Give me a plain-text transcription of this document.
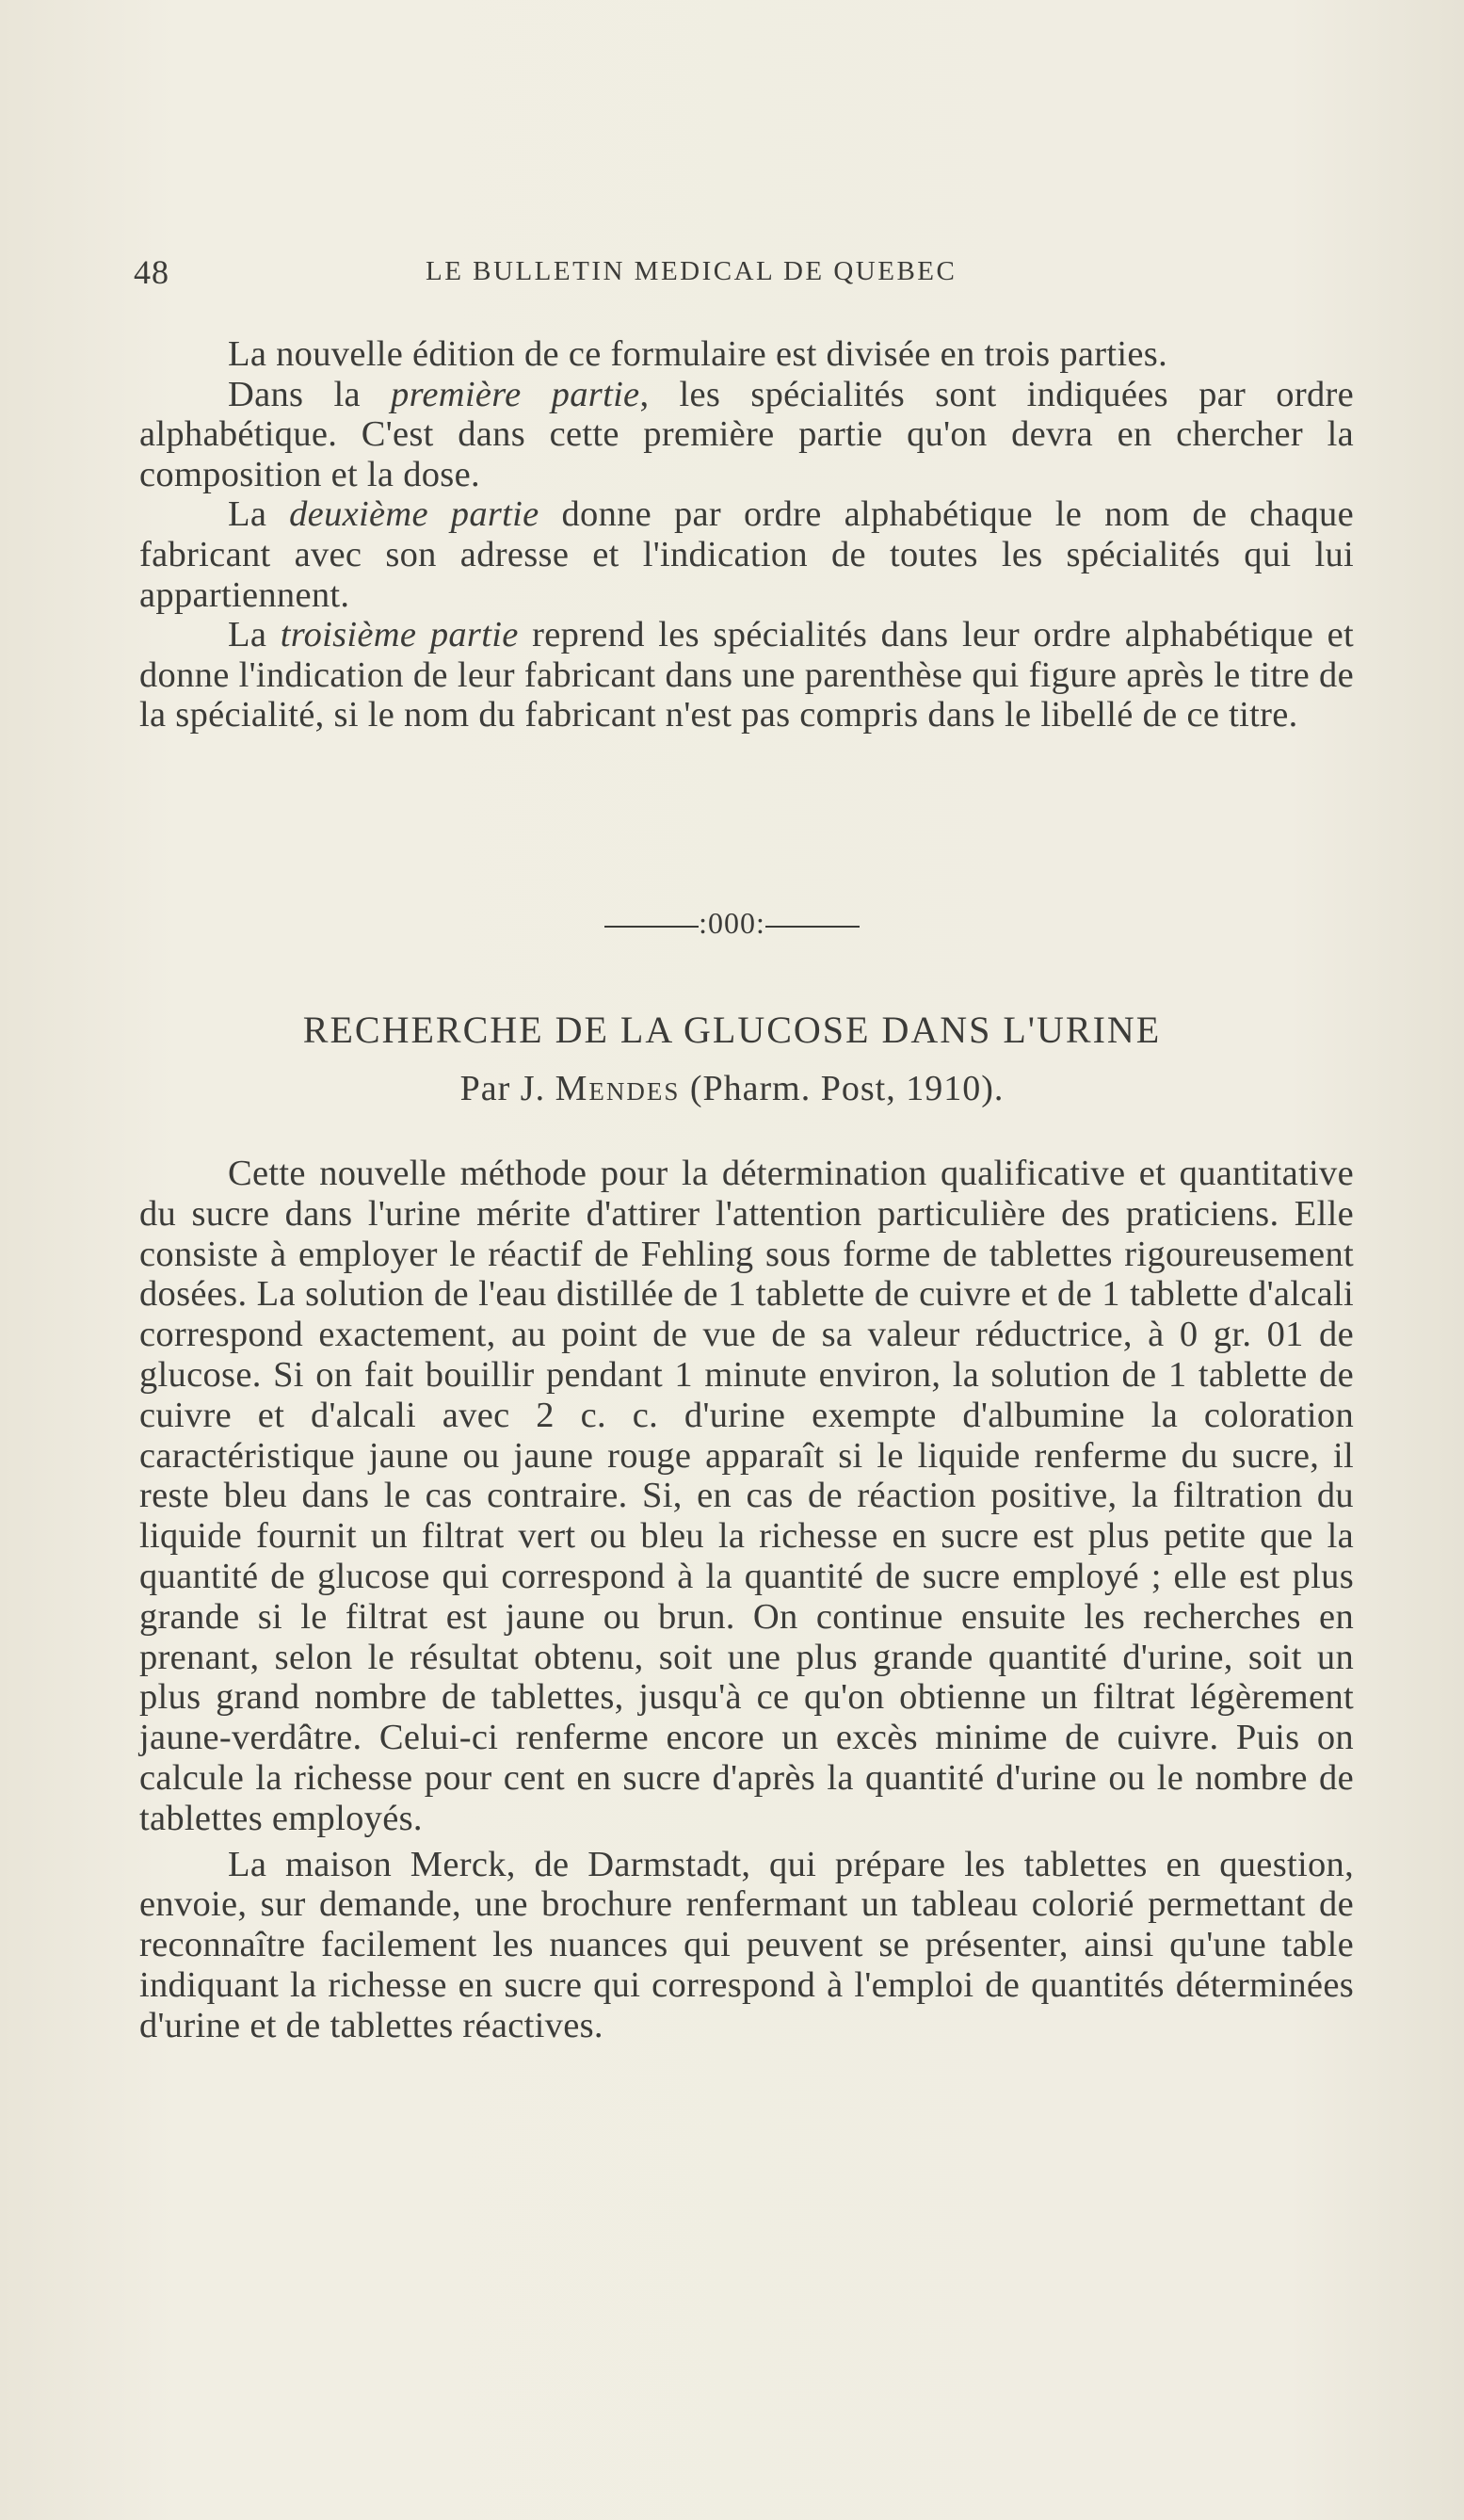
48	LE BULLETIN MEDICAL DE QUEBEC

La nouvelle édition de ce formulaire est divisée en trois parties.

Dans la première partie, les spécialités sont indiquées par ordre alphabétique. C'est dans cette première partie qu'on devra en chercher la composition et la dose.

La deuxième partie donne par ordre alphabétique le nom de chaque fabricant avec son adresse et l'indication de toutes les spécialités qui lui appartiennent.

La troisième partie reprend les spécialités dans leur ordre alphabétique et donne l'indication de leur fabricant dans une parenthèse qui figure après le titre de la spécialité, si le nom du fabricant n'est pas compris dans le libellé de ce titre.

:000:
RECHERCHE DE LA GLUCOSE DANS L'URINE
Par J. Mendes (Pharm. Post, 1910).

Cette nouvelle méthode pour la détermination qualificative et quantitative du sucre dans l'urine mérite d'attirer l'attention particulière des praticiens. Elle consiste à employer le réactif de Fehling sous forme de tablettes rigoureusement dosées. La solution de l'eau distillée de 1 tablette de cuivre et de 1 tablette d'alcali correspond exactement, au point de vue de sa valeur réductrice, à 0 gr. 01 de glucose. Si on fait bouillir pendant 1 minute environ, la solution de 1 tablette de cuivre et d'alcali avec 2 c. c. d'urine exempte d'albumine la coloration caractéristique jaune ou jaune rouge apparaît si le liquide renferme du sucre, il reste bleu dans le cas contraire. Si, en cas de réaction positive, la filtration du liquide fournit un filtrat vert ou bleu la richesse en sucre est plus petite que la quantité de glucose qui correspond à la quantité de sucre employé ; elle est plus grande si le filtrat est jaune ou brun. On continue ensuite les recherches en prenant, selon le résultat obtenu, soit une plus grande quantité d'urine, soit un plus grand nombre de tablettes, jusqu'à ce qu'on obtienne un filtrat légèrement jaune-verdâtre. Celui-ci renferme encore un excès minime de cuivre. Puis on calcule la richesse pour cent en sucre d'après la quantité d'urine ou le nombre de tablettes employés.

La maison Merck, de Darmstadt, qui prépare les tablettes en question, envoie, sur demande, une brochure renfermant un tableau colorié permettant de reconnaître facilement les nuances qui peuvent se présenter, ainsi qu'une table indiquant la richesse en sucre qui correspond à l'emploi de quantités déterminées d'urine et de tablettes réactives.
